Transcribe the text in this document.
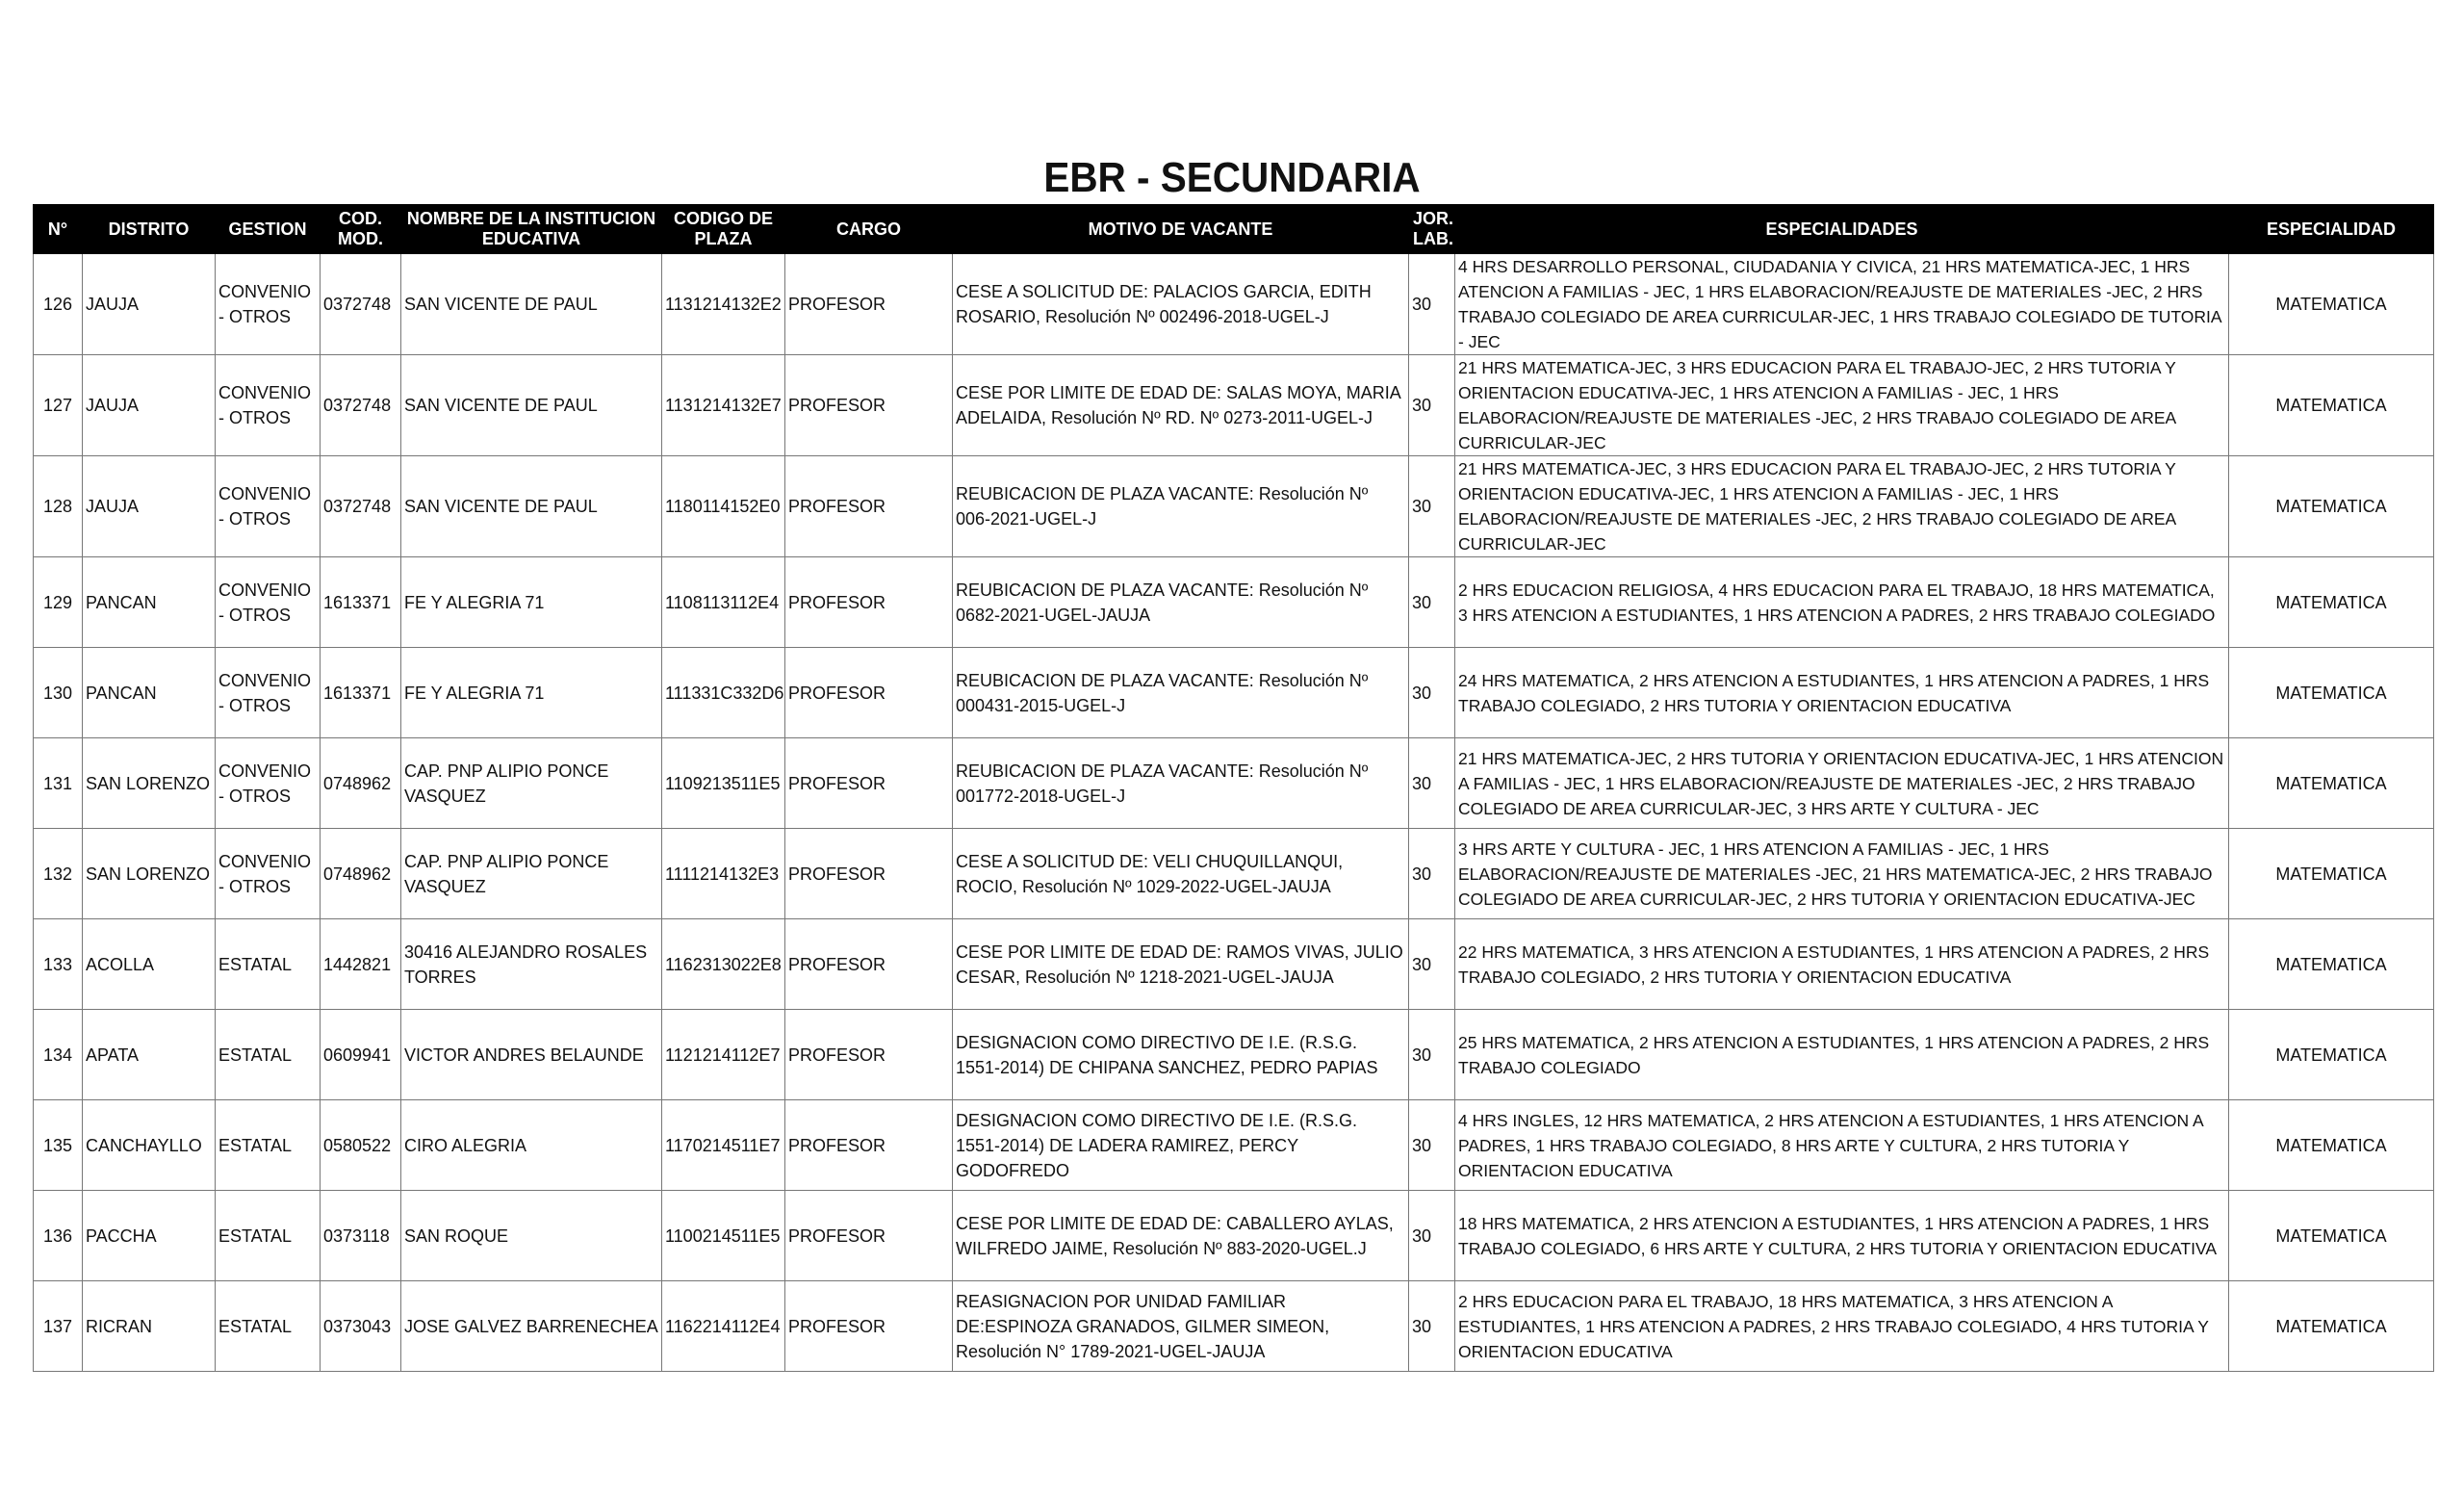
EBR - SECUNDARIA
N°	DISTRITO	GESTION	COD. MOD.	NOMBRE DE LA INSTITUCION EDUCATIVA	CODIGO DE PLAZA	CARGO	MOTIVO DE VACANTE	JOR. LAB.	ESPECIALIDADES	ESPECIALIDAD
126	JAUJA	CONVENIO - OTROS	0372748	SAN VICENTE DE PAUL	1131214132E2	PROFESOR	CESE A SOLICITUD DE: PALACIOS GARCIA, EDITH ROSARIO, Resolución Nº 002496-2018-UGEL-J	30	4 HRS DESARROLLO PERSONAL, CIUDADANIA Y CIVICA, 21 HRS MATEMATICA-JEC, 1 HRS ATENCION A FAMILIAS - JEC, 1 HRS ELABORACION/REAJUSTE DE MATERIALES -JEC, 2 HRS TRABAJO COLEGIADO DE AREA CURRICULAR-JEC, 1 HRS TRABAJO COLEGIADO DE TUTORIA - JEC	MATEMATICA
127	JAUJA	CONVENIO - OTROS	0372748	SAN VICENTE DE PAUL	1131214132E7	PROFESOR	CESE POR LIMITE DE EDAD DE: SALAS MOYA, MARIA ADELAIDA, Resolución Nº RD. Nº 0273-2011-UGEL-J	30	21 HRS MATEMATICA-JEC, 3 HRS EDUCACION PARA EL TRABAJO-JEC, 2 HRS TUTORIA Y ORIENTACION EDUCATIVA-JEC, 1 HRS ATENCION A FAMILIAS - JEC, 1 HRS ELABORACION/REAJUSTE DE MATERIALES -JEC, 2 HRS TRABAJO COLEGIADO DE AREA CURRICULAR-JEC	MATEMATICA
128	JAUJA	CONVENIO - OTROS	0372748	SAN VICENTE DE PAUL	1180114152E0	PROFESOR	REUBICACION DE PLAZA VACANTE: Resolución Nº 006-2021-UGEL-J	30	21 HRS MATEMATICA-JEC, 3 HRS EDUCACION PARA EL TRABAJO-JEC, 2 HRS TUTORIA Y ORIENTACION EDUCATIVA-JEC, 1 HRS ATENCION A FAMILIAS - JEC, 1 HRS ELABORACION/REAJUSTE DE MATERIALES -JEC, 2 HRS TRABAJO COLEGIADO DE AREA CURRICULAR-JEC	MATEMATICA
129	PANCAN	CONVENIO - OTROS	1613371	FE Y ALEGRIA 71	1108113112E4	PROFESOR	REUBICACION DE PLAZA VACANTE: Resolución Nº 0682-2021-UGEL-JAUJA	30	2 HRS EDUCACION RELIGIOSA, 4 HRS EDUCACION PARA EL TRABAJO, 18 HRS MATEMATICA, 3 HRS ATENCION A ESTUDIANTES, 1 HRS ATENCION A PADRES, 2 HRS TRABAJO COLEGIADO	MATEMATICA
130	PANCAN	CONVENIO - OTROS	1613371	FE Y ALEGRIA 71	111331C332D6	PROFESOR	REUBICACION DE PLAZA VACANTE: Resolución Nº 000431-2015-UGEL-J	30	24 HRS MATEMATICA, 2 HRS ATENCION A ESTUDIANTES, 1 HRS ATENCION A PADRES, 1 HRS TRABAJO COLEGIADO, 2 HRS TUTORIA Y ORIENTACION EDUCATIVA	MATEMATICA
131	SAN LORENZO	CONVENIO - OTROS	0748962	CAP. PNP ALIPIO PONCE VASQUEZ	1109213511E5	PROFESOR	REUBICACION DE PLAZA VACANTE: Resolución Nº 001772-2018-UGEL-J	30	21 HRS MATEMATICA-JEC, 2 HRS TUTORIA Y ORIENTACION EDUCATIVA-JEC, 1 HRS ATENCION A FAMILIAS - JEC, 1 HRS ELABORACION/REAJUSTE DE MATERIALES -JEC, 2 HRS TRABAJO COLEGIADO DE AREA CURRICULAR-JEC, 3 HRS ARTE Y CULTURA - JEC	MATEMATICA
132	SAN LORENZO	CONVENIO - OTROS	0748962	CAP. PNP ALIPIO PONCE VASQUEZ	1111214132E3	PROFESOR	CESE A SOLICITUD DE: VELI CHUQUILLANQUI, ROCIO, Resolución Nº 1029-2022-UGEL-JAUJA	30	3 HRS ARTE Y CULTURA - JEC, 1 HRS ATENCION A FAMILIAS - JEC, 1 HRS ELABORACION/REAJUSTE DE MATERIALES -JEC, 21 HRS MATEMATICA-JEC, 2 HRS TRABAJO COLEGIADO DE AREA CURRICULAR-JEC, 2 HRS TUTORIA Y ORIENTACION EDUCATIVA-JEC	MATEMATICA
133	ACOLLA	ESTATAL	1442821	30416 ALEJANDRO ROSALES TORRES	1162313022E8	PROFESOR	CESE POR LIMITE DE EDAD DE: RAMOS VIVAS, JULIO CESAR, Resolución Nº 1218-2021-UGEL-JAUJA	30	22 HRS MATEMATICA, 3 HRS ATENCION A ESTUDIANTES, 1 HRS ATENCION A PADRES, 2 HRS TRABAJO COLEGIADO, 2 HRS TUTORIA Y ORIENTACION EDUCATIVA	MATEMATICA
134	APATA	ESTATAL	0609941	VICTOR ANDRES BELAUNDE	1121214112E7	PROFESOR	DESIGNACION COMO DIRECTIVO DE I.E. (R.S.G. 1551-2014) DE CHIPANA SANCHEZ, PEDRO PAPIAS	30	25 HRS MATEMATICA, 2 HRS ATENCION A ESTUDIANTES, 1 HRS ATENCION A PADRES, 2 HRS TRABAJO COLEGIADO	MATEMATICA
135	CANCHAYLLO	ESTATAL	0580522	CIRO ALEGRIA	1170214511E7	PROFESOR	DESIGNACION COMO DIRECTIVO DE I.E. (R.S.G. 1551-2014) DE LADERA RAMIREZ, PERCY GODOFREDO	30	4 HRS INGLES, 12 HRS MATEMATICA, 2 HRS ATENCION A ESTUDIANTES, 1 HRS ATENCION A PADRES, 1 HRS TRABAJO COLEGIADO, 8 HRS ARTE Y CULTURA, 2 HRS TUTORIA Y ORIENTACION EDUCATIVA	MATEMATICA
136	PACCHA	ESTATAL	0373118	SAN ROQUE	1100214511E5	PROFESOR	CESE POR LIMITE DE EDAD DE: CABALLERO AYLAS, WILFREDO JAIME, Resolución Nº 883-2020-UGEL.J	30	18 HRS MATEMATICA, 2 HRS ATENCION A ESTUDIANTES, 1 HRS ATENCION A PADRES, 1 HRS TRABAJO COLEGIADO, 6 HRS ARTE Y CULTURA, 2 HRS TUTORIA Y ORIENTACION EDUCATIVA	MATEMATICA
137	RICRAN	ESTATAL	0373043	JOSE GALVEZ BARRENECHEA	1162214112E4	PROFESOR	REASIGNACION POR UNIDAD FAMILIAR DE:ESPINOZA GRANADOS, GILMER SIMEON, Resolución N° 1789-2021-UGEL-JAUJA	30	2 HRS EDUCACION PARA EL TRABAJO, 18 HRS MATEMATICA, 3 HRS ATENCION A ESTUDIANTES, 1 HRS ATENCION A PADRES, 2 HRS TRABAJO COLEGIADO, 4 HRS TUTORIA Y ORIENTACION EDUCATIVA	MATEMATICA
